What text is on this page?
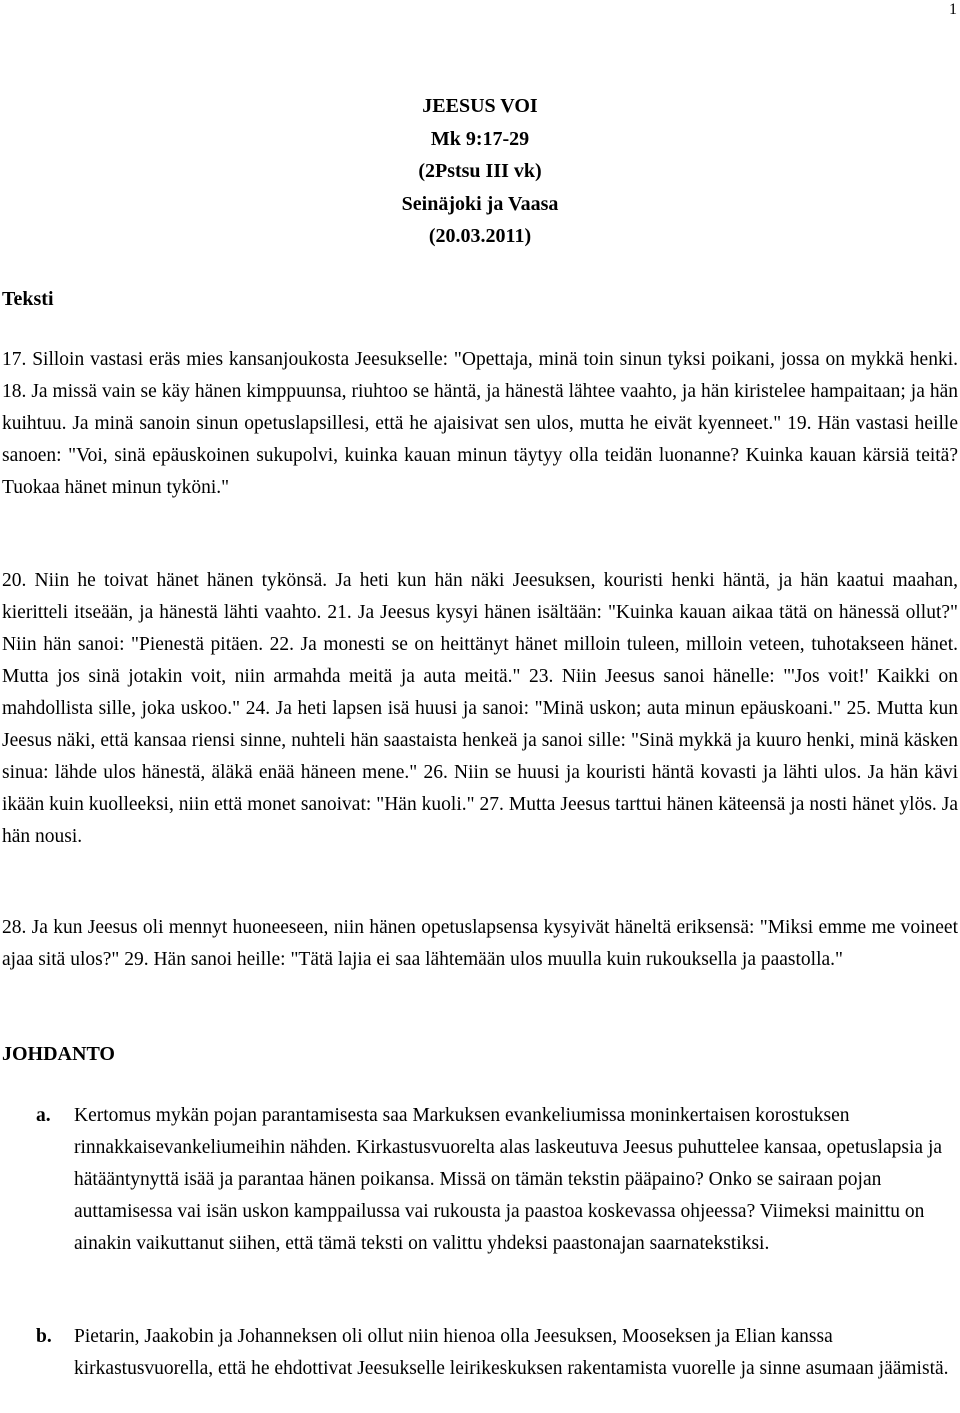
1
JEESUS VOI
Mk 9:17-29
(2Pstsu III vk)
Seinäjoki ja Vaasa
(20.03.2011)
Teksti
17. Silloin vastasi eräs mies kansanjoukosta Jeesukselle: "Opettaja, minä toin sinun tyksi poikani, jossa on mykkä henki. 18. Ja missä vain se käy hänen kimppuunsa, riuhtoo se häntä, ja hänestä lähtee vaahto, ja hän kiristelee hampaitaan; ja hän kuihtuu. Ja minä sanoin sinun opetuslapsillesi, että he ajaisivat sen ulos, mutta he eivät kyenneet." 19. Hän vastasi heille sanoen: "Voi, sinä epäuskoinen sukupolvi, kuinka kauan minun täytyy olla teidän luonanne? Kuinka kauan kärsiä teitä? Tuokaa hänet minun tyköni."
20. Niin he toivat hänet hänen tykönsä. Ja heti kun hän näki Jeesuksen, kouristi henki häntä, ja hän kaatui maahan, kieritteli itseään, ja hänestä lähti vaahto. 21. Ja Jeesus kysyi hänen isältään: "Kuinka kauan aikaa tätä on hänessä ollut?" Niin hän sanoi: "Pienestä pitäen. 22. Ja monesti se on heittänyt hänet milloin tuleen, milloin veteen, tuhotakseen hänet. Mutta jos sinä jotakin voit, niin armahda meitä ja auta meitä." 23. Niin Jeesus sanoi hänelle: "'Jos voit!' Kaikki on mahdollista sille, joka uskoo." 24. Ja heti lapsen isä huusi ja sanoi: "Minä uskon; auta minun epäuskoani." 25. Mutta kun Jeesus näki, että kansaa riensi sinne, nuhteli hän saastaista henkeä ja sanoi sille: "Sinä mykkä ja kuuro henki, minä käsken sinua: lähde ulos hänestä, äläkä enää häneen mene." 26. Niin se huusi ja kouristi häntä kovasti ja lähti ulos. Ja hän kävi ikään kuin kuolleeksi, niin että monet sanoivat: "Hän kuoli." 27. Mutta Jeesus tarttui hänen käteensä ja nosti hänet ylös. Ja hän nousi.
28. Ja kun Jeesus oli mennyt huoneeseen, niin hänen opetuslapsensa kysyivät häneltä eriksensä: "Miksi emme me voineet ajaa sitä ulos?" 29. Hän sanoi heille: "Tätä lajia ei saa lähtemään ulos muulla kuin rukouksella ja paastolla."
JOHDANTO
a. Kertomus mykän pojan parantamisesta saa Markuksen evankeliumissa moninkertaisen korostuksen rinnakkaisevankeliumeihin nähden. Kirkastusvuorelta alas laskeutuva Jeesus puhuttelee kansaa, opetuslapsia ja hätääntynyttä isää ja parantaa hänen poikansa. Missä on tämän tekstin pääpaino? Onko se sairaan pojan auttamisessa vai isän uskon kamppailussa vai rukousta ja paastoa koskevassa ohjeessa? Viimeksi mainittu on ainakin vaikuttanut siihen, että tämä teksti on valittu yhdeksi paastonajan saarnatekstiksi.
b. Pietarin, Jaakobin ja Johanneksen oli ollut niin hienoa olla Jeesuksen, Mooseksen ja Elian kanssa kirkastusvuorella, että he ehdottivat Jeesukselle leirikeskuksen rakentamista vuorelle ja sinne asumaan jäämistä.
